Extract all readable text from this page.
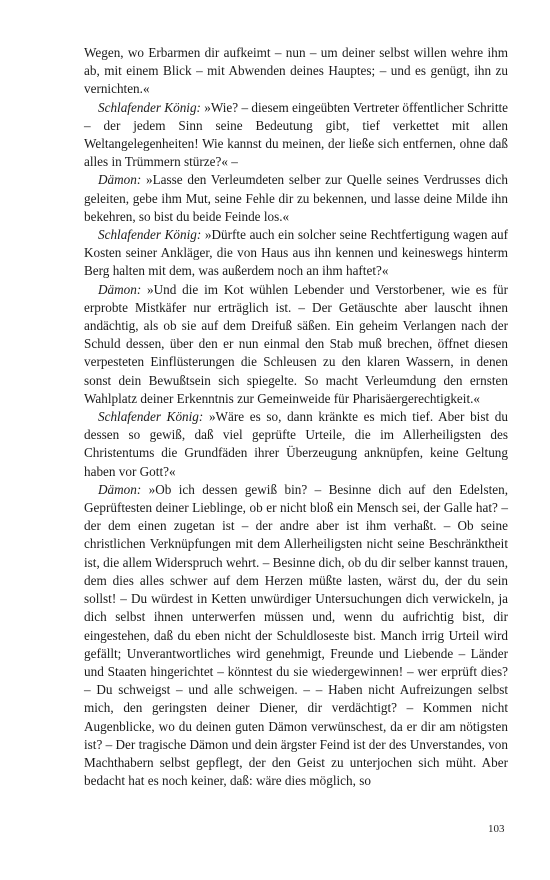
Wegen, wo Erbarmen dir aufkeimt – nun – um deiner selbst willen wehre ihm ab, mit einem Blick – mit Abwenden deines Hauptes; – und es genügt, ihn zu vernichten.«

Schlafender König: »Wie? – diesem eingeübten Vertreter öffentlicher Schritte – der jedem Sinn seine Bedeutung gibt, tief verkettet mit allen Weltangelegenheiten! Wie kannst du meinen, der ließe sich entfernen, ohne daß alles in Trümmern stürze?« –

Dämon: »Lasse den Verleumdeten selber zur Quelle seines Verdrusses dich geleiten, gebe ihm Mut, seine Fehle dir zu bekennen, und lasse deine Milde ihn bekehren, so bist du beide Feinde los.«

Schlafender König: »Dürfte auch ein solcher seine Rechtfertigung wagen auf Kosten seiner Ankläger, die von Haus aus ihn kennen und keineswegs hinterm Berg halten mit dem, was außerdem noch an ihm haftet?«

Dämon: »Und die im Kot wühlen Lebender und Verstorbener, wie es für erprobte Mistkäfer nur erträglich ist. – Der Getäuschte aber lauscht ihnen andächtig, als ob sie auf dem Dreifuß säßen. Ein geheim Verlangen nach der Schuld dessen, über den er nun einmal den Stab muß brechen, öffnet diesen verpesteten Einflüsterungen die Schleusen zu den klaren Wassern, in denen sonst dein Bewußtsein sich spiegelte. So macht Verleumdung den ernsten Wahlplatz deiner Erkenntnis zur Gemeinweide für Pharisäergerechtigkeit.«

Schlafender König: »Wäre es so, dann kränkte es mich tief. Aber bist du dessen so gewiß, daß viel geprüfte Urteile, die im Allerheiligsten des Christentums die Grundfäden ihrer Überzeugung anknüpfen, keine Geltung haben vor Gott?«

Dämon: »Ob ich dessen gewiß bin? – Besinne dich auf den Edelsten, Geprüftesten deiner Lieblinge, ob er nicht bloß ein Mensch sei, der Galle hat? – der dem einen zugetan ist – der andre aber ist ihm verhaßt. – Ob seine christlichen Verknüpfungen mit dem Allerheiligsten nicht seine Beschränktheit ist, die allem Widerspruch wehrt. – Besinne dich, ob du dir selber kannst trauen, dem dies alles schwer auf dem Herzen müßte lasten, wärst du, der du sein sollst! – Du würdest in Ketten unwürdiger Untersuchungen dich verwickeln, ja dich selbst ihnen unterwerfen müssen und, wenn du aufrichtig bist, dir eingestehen, daß du eben nicht der Schuldloseste bist. Manch irrig Urteil wird gefällt; Unverantwortliches wird genehmigt, Freunde und Liebende – Länder und Staaten hingerichtet – könntest du sie wiedergewinnen! – wer erprüft dies? – Du schweigst – und alle schweigen. – – Haben nicht Aufreizungen selbst mich, den geringsten deiner Diener, dir verdächtigt? – Kommen nicht Augenblicke, wo du deinen guten Dämon verwünschest, da er dir am nötigsten ist? – Der tragische Dämon und dein ärgster Feind ist der des Unverstandes, von Machthabern selbst gepflegt, der den Geist zu unterjochen sich müht. Aber bedacht hat es noch keiner, daß: wäre dies möglich, so

103
